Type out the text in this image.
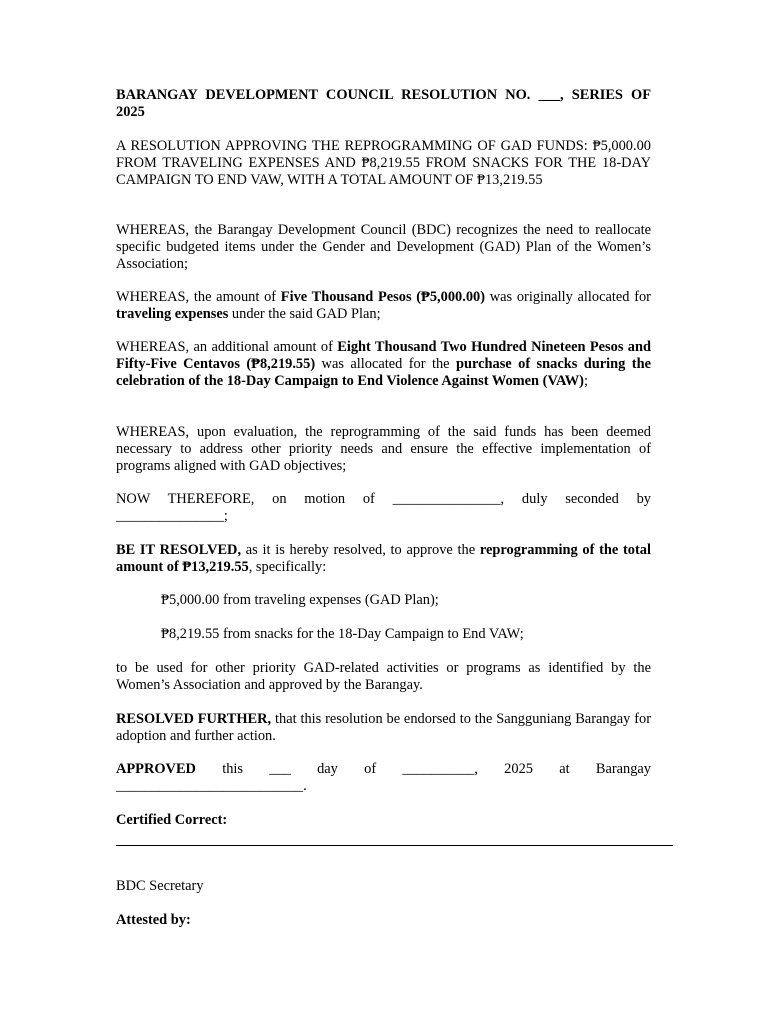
BARANGAY DEVELOPMENT COUNCIL RESOLUTION NO. ___, SERIES OF 2025

A RESOLUTION APPROVING THE REPROGRAMMING OF GAD FUNDS: ₱5,000.00 FROM TRAVELING EXPENSES AND ₱8,219.55 FROM SNACKS FOR THE 18-DAY CAMPAIGN TO END VAW, WITH A TOTAL AMOUNT OF ₱13,219.55

WHEREAS, the Barangay Development Council (BDC) recognizes the need to reallocate specific budgeted items under the Gender and Development (GAD) Plan of the Women’s Association;

WHEREAS, the amount of Five Thousand Pesos (₱5,000.00) was originally allocated for traveling expenses under the said GAD Plan;

WHEREAS, an additional amount of Eight Thousand Two Hundred Nineteen Pesos and Fifty-Five Centavos (₱8,219.55) was allocated for the purchase of snacks during the celebration of the 18-Day Campaign to End Violence Against Women (VAW);

WHEREAS, upon evaluation, the reprogramming of the said funds has been deemed necessary to address other priority needs and ensure the effective implementation of programs aligned with GAD objectives;

NOW THEREFORE, on motion of _______________, duly seconded by _______________;

BE IT RESOLVED, as it is hereby resolved, to approve the reprogramming of the total amount of ₱13,219.55, specifically:

₱5,000.00 from traveling expenses (GAD Plan);

₱8,219.55 from snacks for the 18-Day Campaign to End VAW;

to be used for other priority GAD-related activities or programs as identified by the Women’s Association and approved by the Barangay.

RESOLVED FURTHER, that this resolution be endorsed to the Sangguniang Barangay for adoption and further action.

APPROVED this ___ day of __________, 2025 at Barangay __________________________.

Certified Correct:

BDC Secretary

Attested by:
